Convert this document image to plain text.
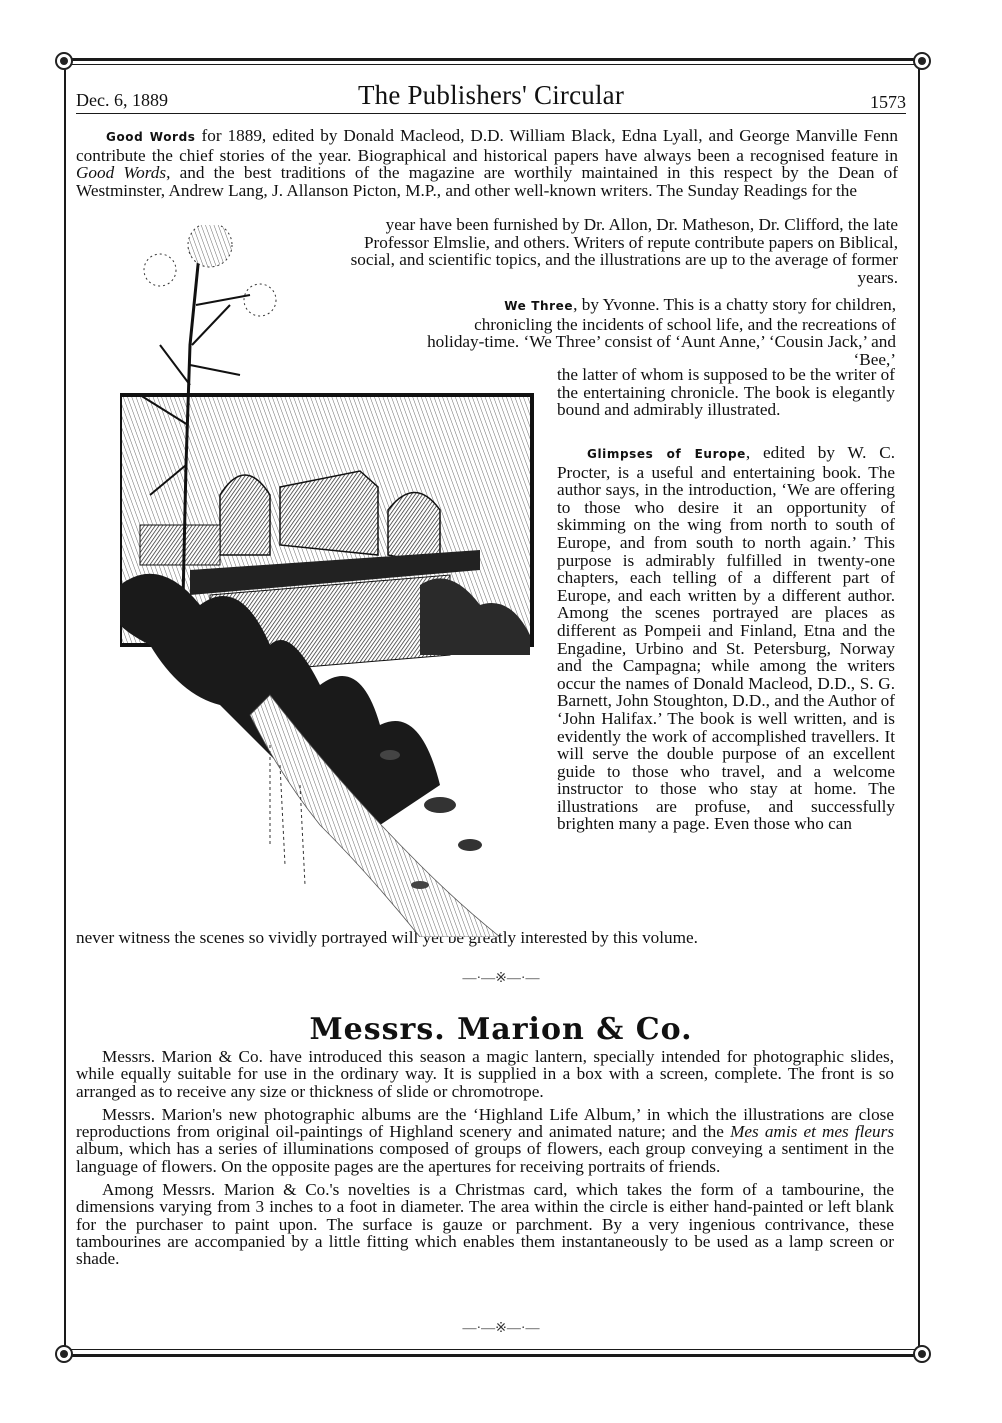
Dec. 6, 1889	The Publishers' Circular	1573

Good Words for 1889, edited by Donald Macleod, D.D. William Black, Edna Lyall, and George Manville Fenn contribute the chief stories of the year. Biographical and historical papers have always been a recognised feature in Good Words, and the best traditions of the magazine are worthily maintained in this respect by the Dean of Westminster, Andrew Lang, J. Allanson Picton, M.P., and other well-known writers. The Sunday Readings for the

year have been furnished by Dr. Allon, Dr. Matheson, Dr. Clifford, the late Professor Elmslie, and others. Writers of repute contribute papers on Biblical, social, and scientific topics, and the illustrations are up to the average of former years.

We Three, by Yvonne. This is a chatty story for children, chronicling the incidents of school life, and the recreations of holiday-time. ‘We Three’ consist of ‘Aunt Anne,’ ‘Cousin Jack,’ and ‘Bee,’

the latter of whom is supposed to be the writer of the entertaining chronicle. The book is elegantly bound and admirably illustrated.

Glimpses of Europe, edited by W. C. Procter, is a useful and entertaining book. The author says, in the introduction, ‘We are offering to those who desire it an opportunity of skimming on the wing from north to south of Europe, and from south to north again.’ This purpose is admirably fulfilled in twenty-one chapters, each telling of a different part of Europe, and each written by a different author. Among the scenes portrayed are places as different as Pompeii and Finland, Etna and the Engadine, Urbino and St. Petersburg, Norway and the Campagna; while among the writers occur the names of Donald Macleod, D.D., S. G. Barnett, John Stoughton, D.D., and the Author of ‘John Halifax.’ The book is well written, and is evidently the work of accomplished travellers. It will serve the double purpose of an excellent guide to those who travel, and a welcome instructor to those who stay at home. The illustrations are profuse, and successfully brighten many a page. Even those who can

never witness the scenes so vividly portrayed will yet be greatly interested by this volume.

—·—※—·—
Messrs. Marion & Co.

Messrs. Marion & Co. have introduced this season a magic lantern, specially intended for photographic slides, while equally suitable for use in the ordinary way. It is supplied in a box with a screen, complete. The front is so arranged as to receive any size or thickness of slide or chromotrope.

Messrs. Marion's new photographic albums are the ‘Highland Life Album,’ in which the illustrations are close reproductions from original oil-paintings of Highland scenery and animated nature; and the Mes amis et mes fleurs album, which has a series of illuminations composed of groups of flowers, each group conveying a sentiment in the language of flowers. On the opposite pages are the apertures for receiving portraits of friends.

Among Messrs. Marion & Co.'s novelties is a Christmas card, which takes the form of a tambourine, the dimensions varying from 3 inches to a foot in diameter. The area within the circle is either hand-painted or left blank for the purchaser to paint upon. The surface is gauze or parchment. By a very ingenious contrivance, these tambourines are accompanied by a little fitting which enables them instantaneously to be used as a lamp screen or shade.

—·—※—·—
